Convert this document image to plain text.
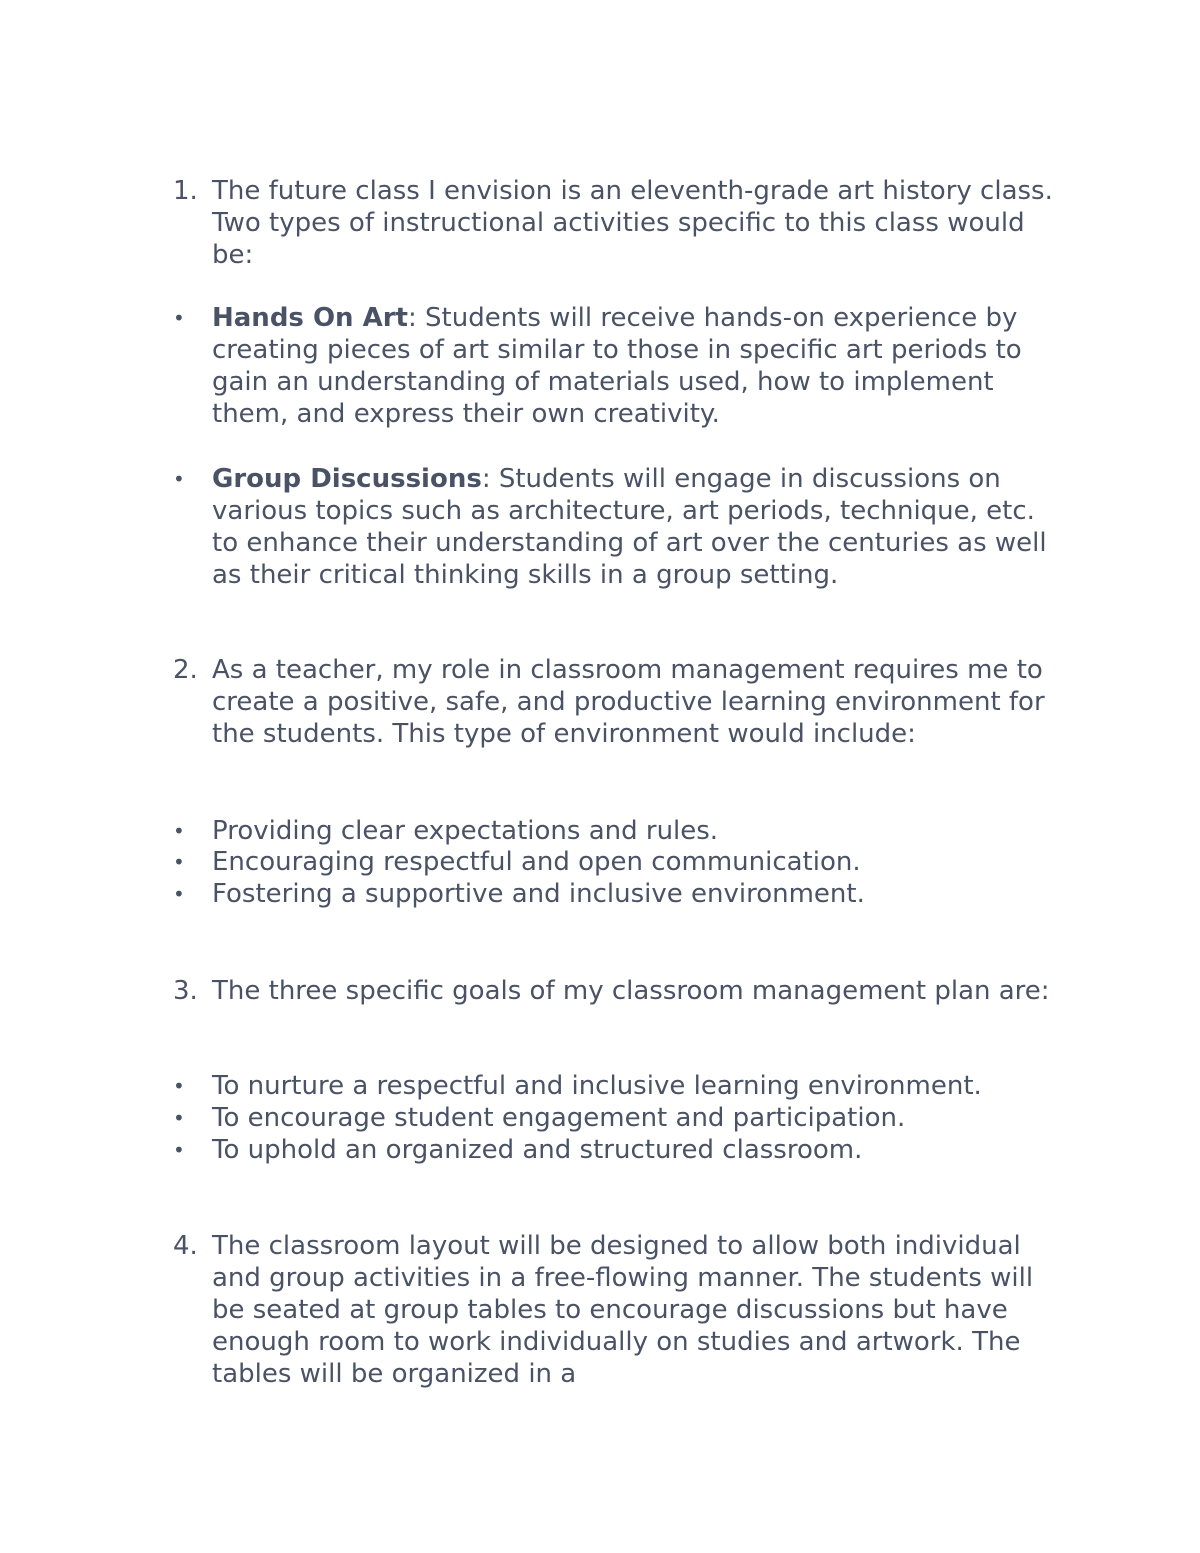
1. The future class I envision is an eleventh-grade art history class. Two types of instructional activities specific to this class would be:
• Hands On Art: Students will receive hands-on experience by creating pieces of art similar to those in specific art periods to gain an understanding of materials used, how to implement them, and express their own creativity.
• Group Discussions: Students will engage in discussions on various topics such as architecture, art periods, technique, etc. to enhance their understanding of art over the centuries as well as their critical thinking skills in a group setting.
2. As a teacher, my role in classroom management requires me to create a positive, safe, and productive learning environment for the students. This type of environment would include:
• Providing clear expectations and rules.
• Encouraging respectful and open communication.
• Fostering a supportive and inclusive environment.
3. The three specific goals of my classroom management plan are:
• To nurture a respectful and inclusive learning environment.
• To encourage student engagement and participation.
• To uphold an organized and structured classroom.
4. The classroom layout will be designed to allow both individual and group activities in a free-flowing manner. The students will be seated at group tables to encourage discussions but have enough room to work individually on studies and artwork. The tables will be organized in a
